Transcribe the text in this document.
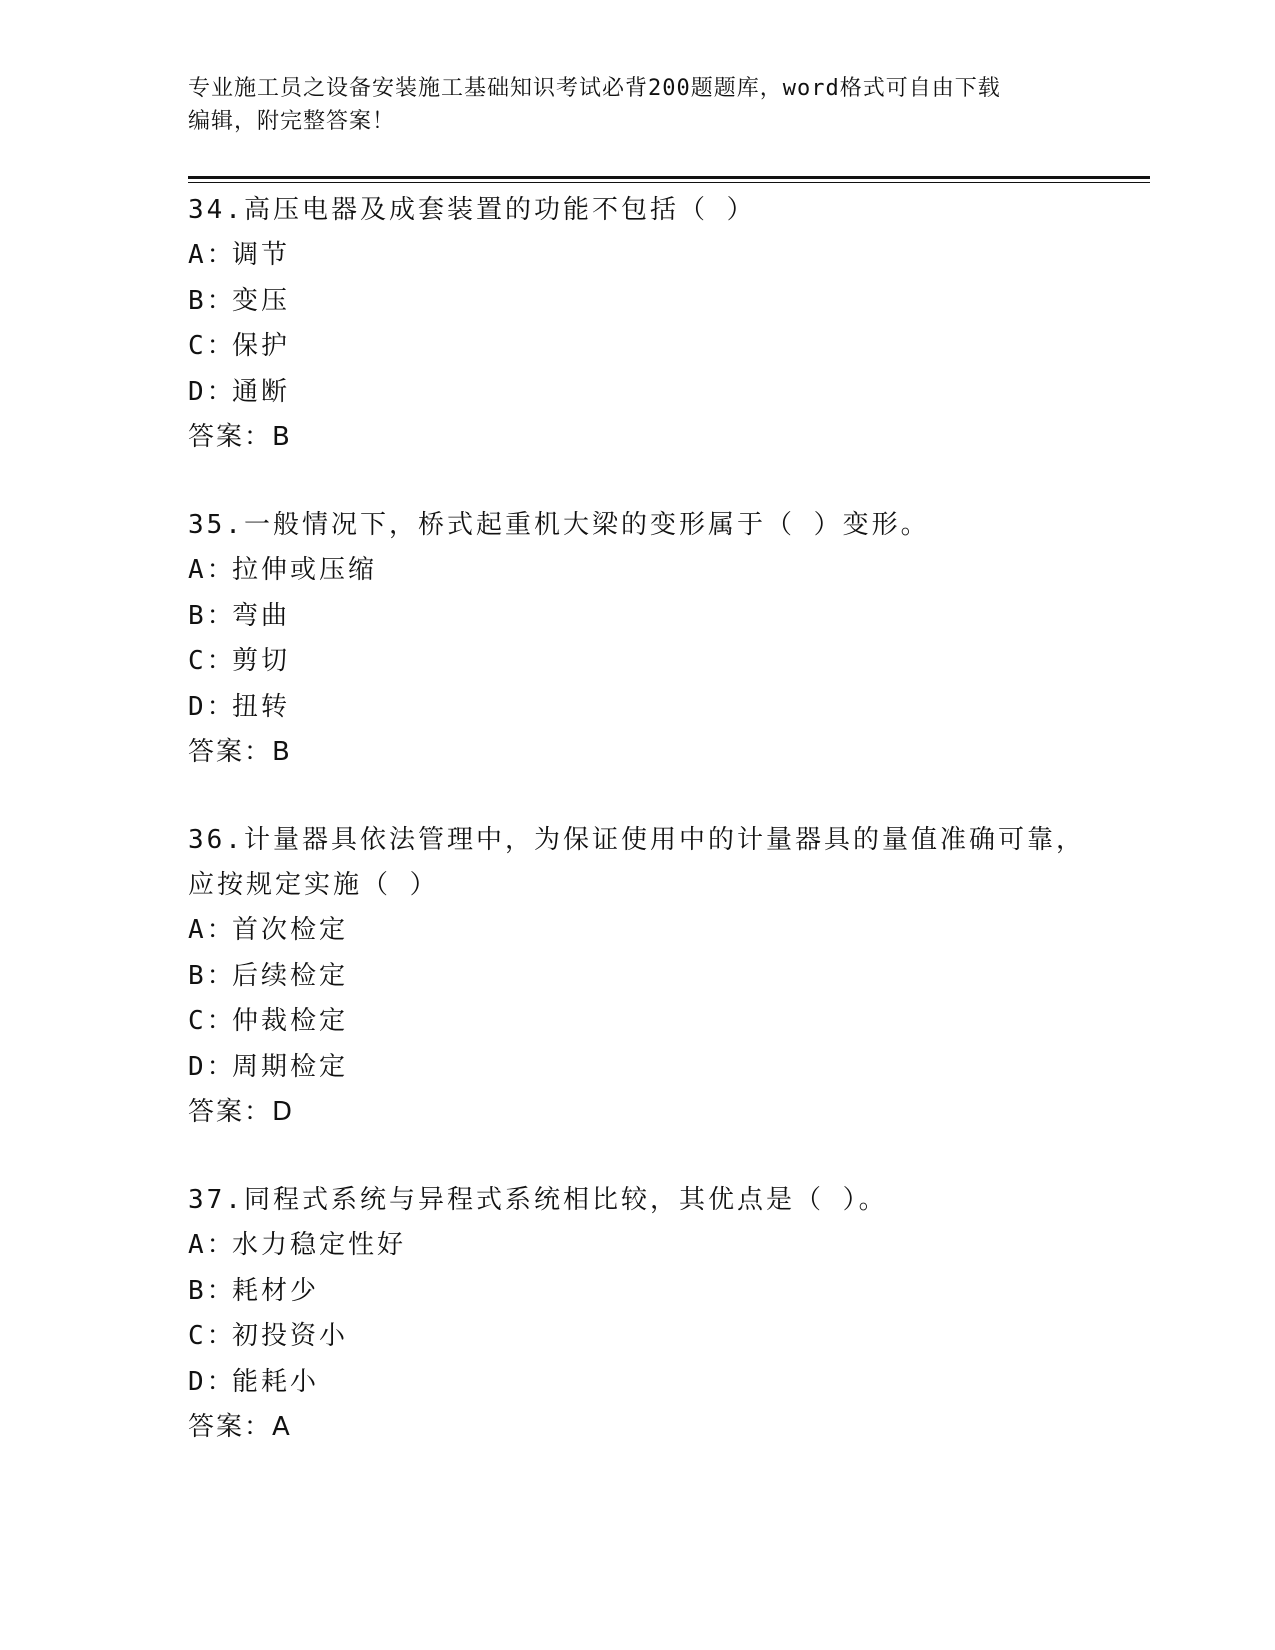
专业施工员之设备安装施工基础知识考试必背200题题库，word格式可自由下载
编辑，附完整答案！

34.高压电器及成套装置的功能不包括（ ）

A：
调节

B：
变压

C：
保护

D：
通断

答案：B

35.一般情况下，桥式起重机大梁的变形属于（ ）变形。

A：
拉伸或压缩

B：
弯曲

C：
剪切

D：
扭转

答案：B

36.计量器具依法管理中，为保证使用中的计量器具的量值准确可靠，

应按规定实施（ ）

A：
首次检定

B：
后续检定

C：
仲裁检定

D：
周期检定

答案：D

37.同程式系统与异程式系统相比较，其优点是（ ）。

A：
水力稳定性好

B：
耗材少

C：
初投资小

D：
能耗小

答案：A
